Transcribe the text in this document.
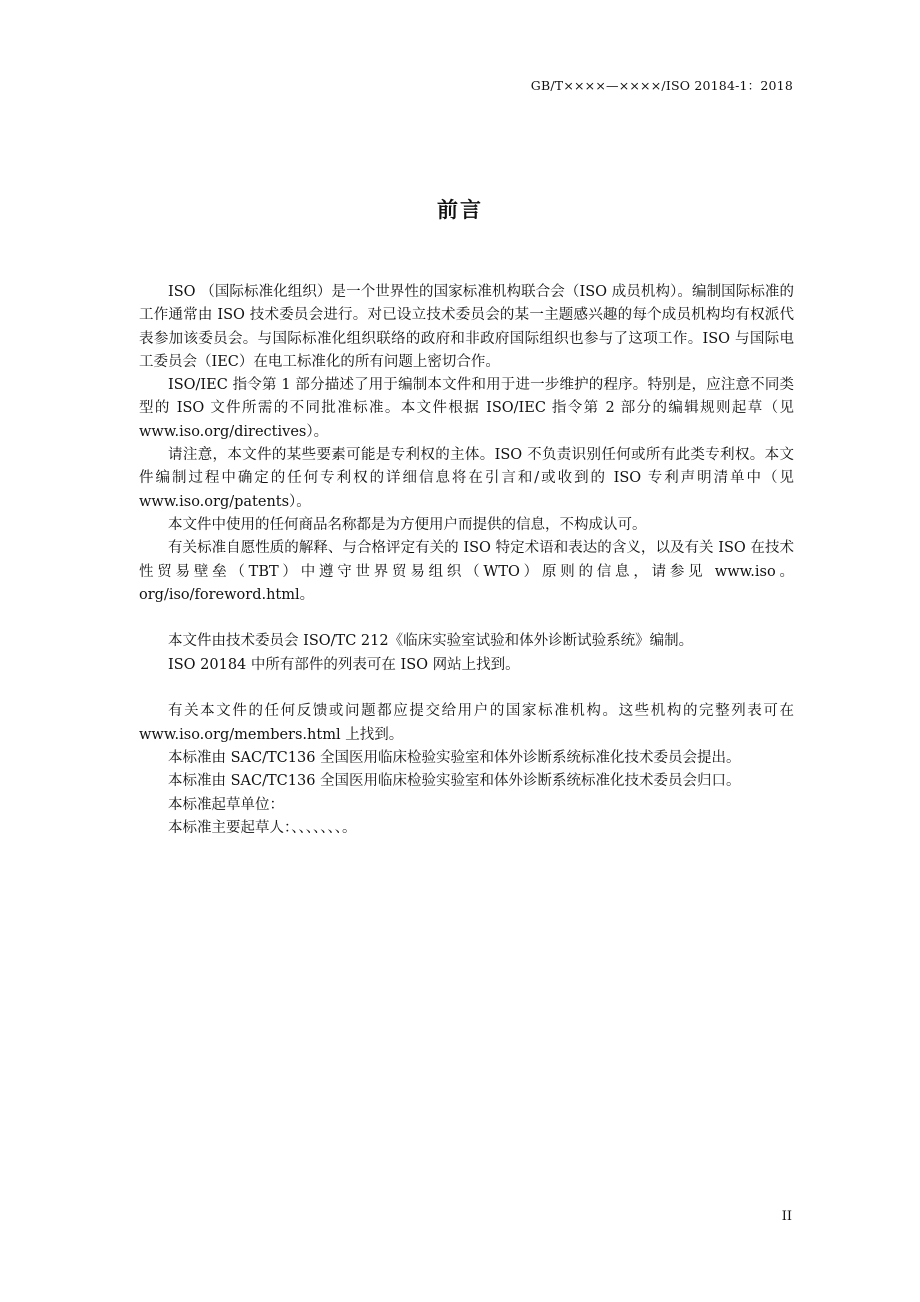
GB/T××××—××××/ISO 20184-1：2018
前言

ISO （国际标准化组织）是一个世界性的国家标准机构联合会（ISO 成员机构）。编制国际标准的工作通常由 ISO 技术委员会进行。对已设立技术委员会的某一主题感兴趣的每个成员机构均有权派代表参加该委员会。与国际标准化组织联络的政府和非政府国际组织也参与了这项工作。ISO 与国际电工委员会（IEC）在电工标准化的所有问题上密切合作。

ISO/IEC 指令第 1 部分描述了用于编制本文件和用于进一步维护的程序。特别是，应注意不同类型的 ISO 文件所需的不同批准标准。本文件根据 ISO/IEC 指令第 2 部分的编辑规则起草（见 www.iso.org/directives）。

请注意，本文件的某些要素可能是专利权的主体。ISO 不负责识别任何或所有此类专利权。本文件编制过程中确定的任何专利权的详细信息将在引言和/或收到的 ISO 专利声明清单中（见 www.iso.org/patents）。

本文件中使用的任何商品名称都是为方便用户而提供的信息，不构成认可。

有关标准自愿性质的解释、与合格评定有关的 ISO 特定术语和表达的含义，以及有关 ISO 在技术性贸易壁垒（TBT）中遵守世界贸易组织（WTO）原则的信息，请参见 www.iso。org/iso/foreword.html。

本文件由技术委员会 ISO/TC 212《临床实验室试验和体外诊断试验系统》编制。

ISO 20184 中所有部件的列表可在 ISO 网站上找到。

有关本文件的任何反馈或问题都应提交给用户的国家标准机构。这些机构的完整列表可在 www.iso.org/members.html 上找到。

本标准由 SAC/TC136 全国医用临床检验实验室和体外诊断系统标准化技术委员会提出。

本标准由 SAC/TC136 全国医用临床检验实验室和体外诊断系统标准化技术委员会归口。

本标准起草单位：

本标准主要起草人：、、、、、、、。

II
